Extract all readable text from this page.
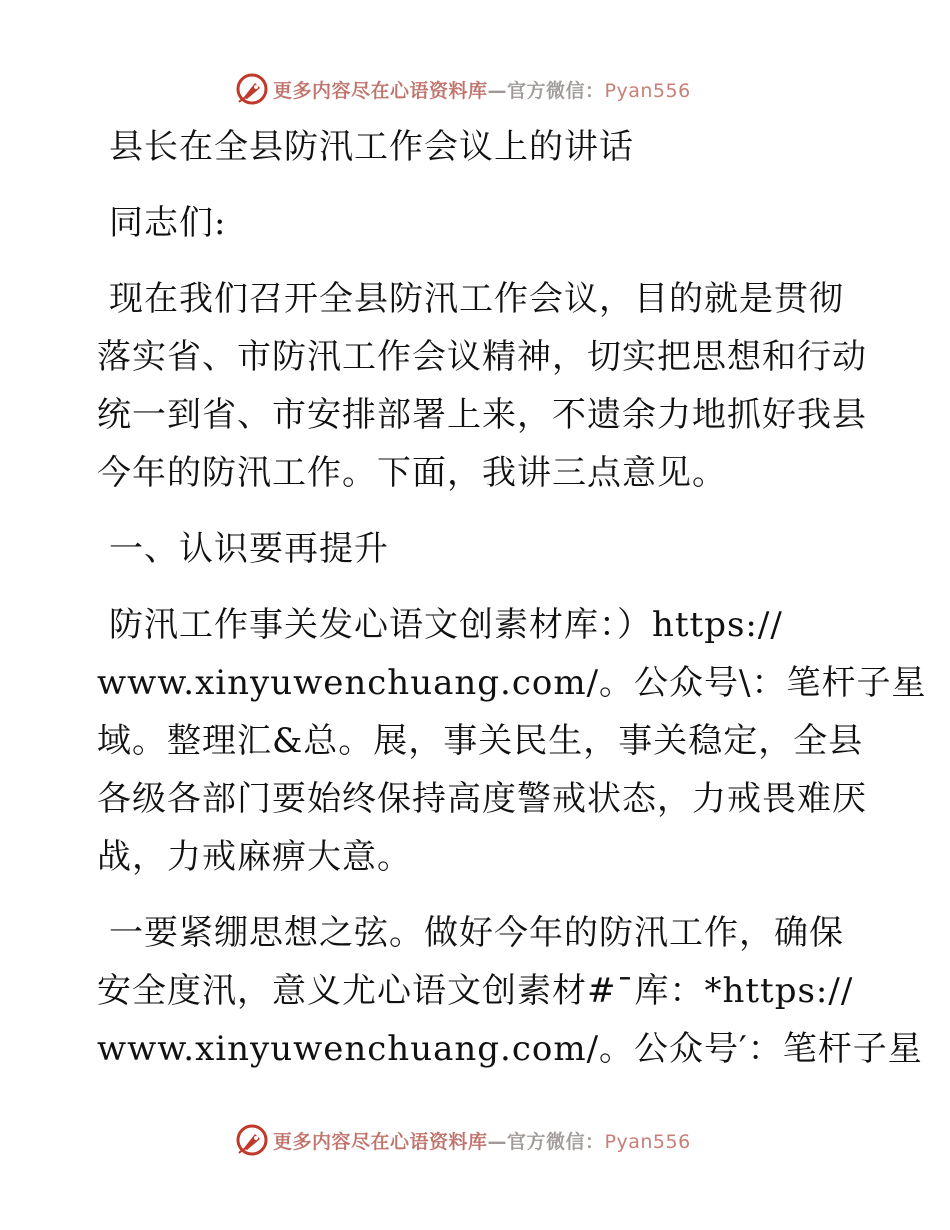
更多内容尽在心语资料库—官方微信：Pyan556
县长在全县防汛工作会议上的讲话
同志们:
现在我们召开全县防汛工作会议，目的就是贯彻
落实省、市防汛工作会议精神，切实把思想和行动
统一到省、市安排部署上来，不遗余力地抓好我县
今年的防汛工作。下面，我讲三点意见。
一、认识要再提升
防汛工作事关发心语文创素材库：）https://
www.xinyuwenchuang.com/。公众号\：笔杆子星
域。整理汇&总。展，事关民生，事关稳定，全县
各级各部门要始终保持高度警戒状态，力戒畏难厌
战，力戒麻痹大意。
一要紧绷思想之弦。做好今年的防汛工作，确保
安全度汛，意义尤心语文创素材#¯库：*https://
www.xinyuwenchuang.com/。公众号′：笔杆子星
更多内容尽在心语资料库—官方微信：Pyan556
